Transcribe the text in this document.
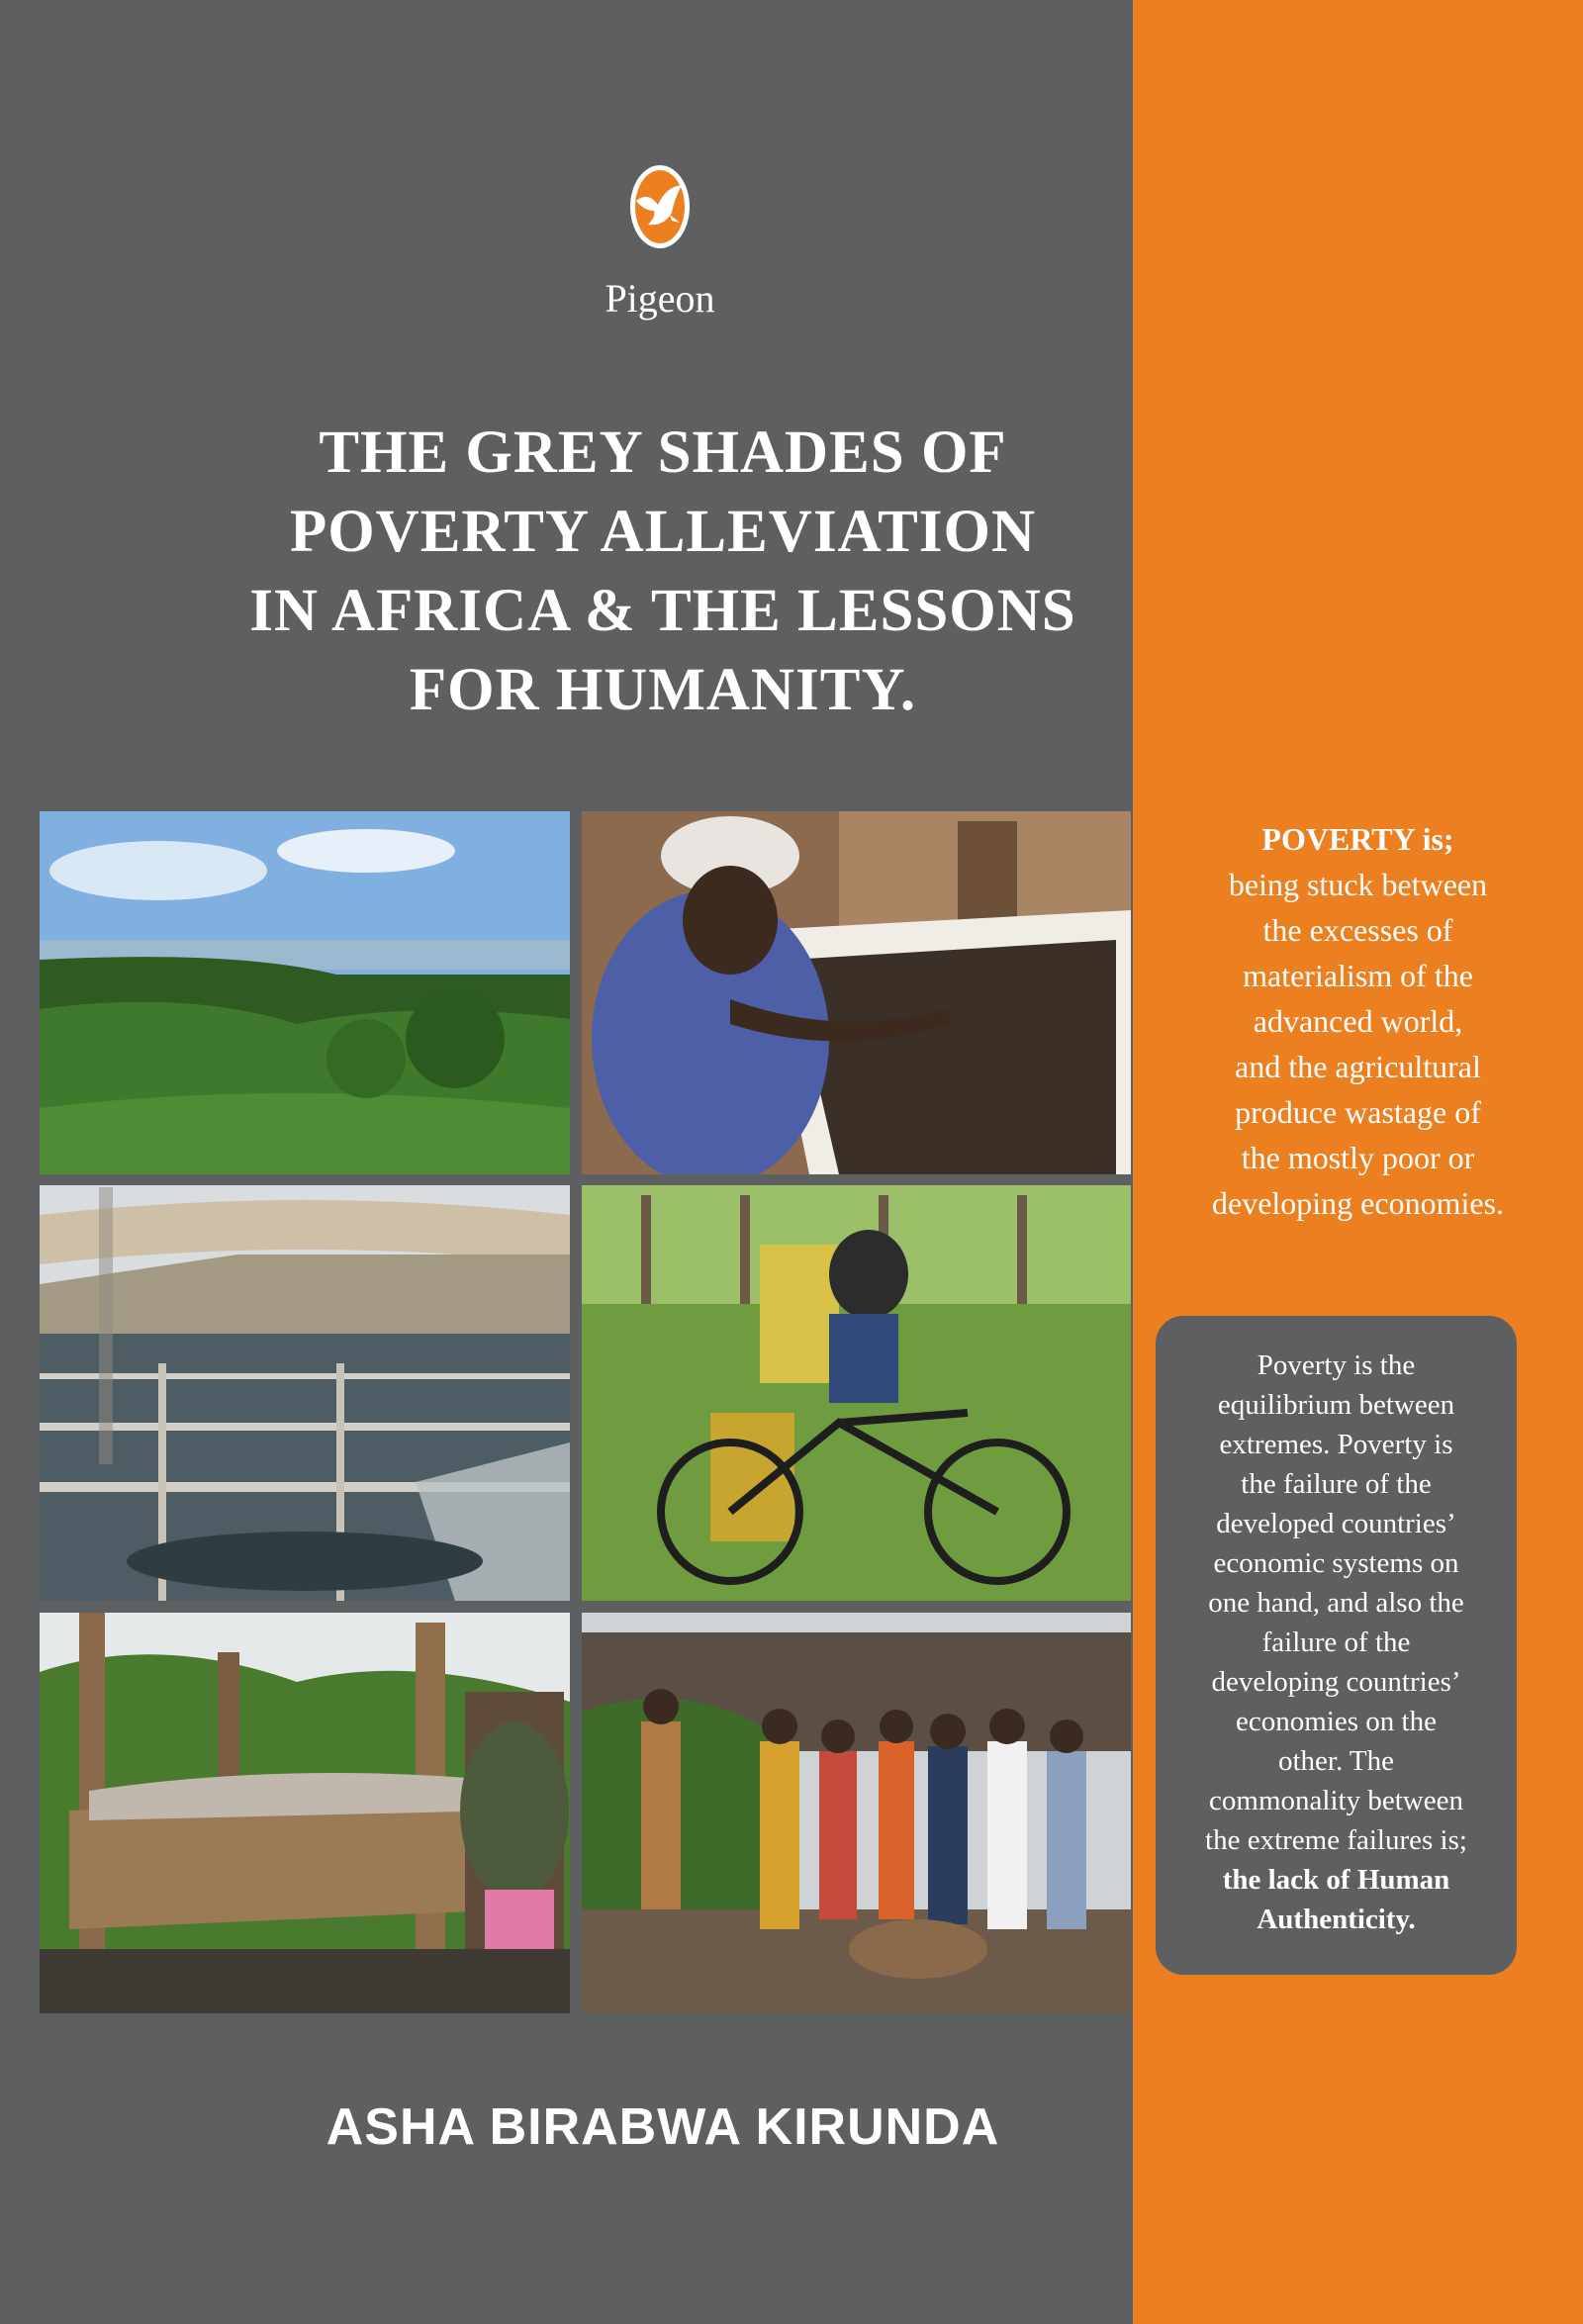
Pigeon
THE GREY SHADES OF
POVERTY ALLEVIATION
IN AFRICA & THE LESSONS
FOR HUMANITY.
POVERTY is;
being stuck between
the excesses of
materialism of the
advanced world,
and the agricultural
produce wastage of
the mostly poor or
developing economies.
Poverty is the
equilibrium between
extremes. Poverty is
the failure of the
developed countries’
economic systems on
one hand, and also the
failure of the
developing countries’
economies on the
other. The
commonality between
the extreme failures is;
the lack of Human
Authenticity.
ASHA BIRABWA KIRUNDA
